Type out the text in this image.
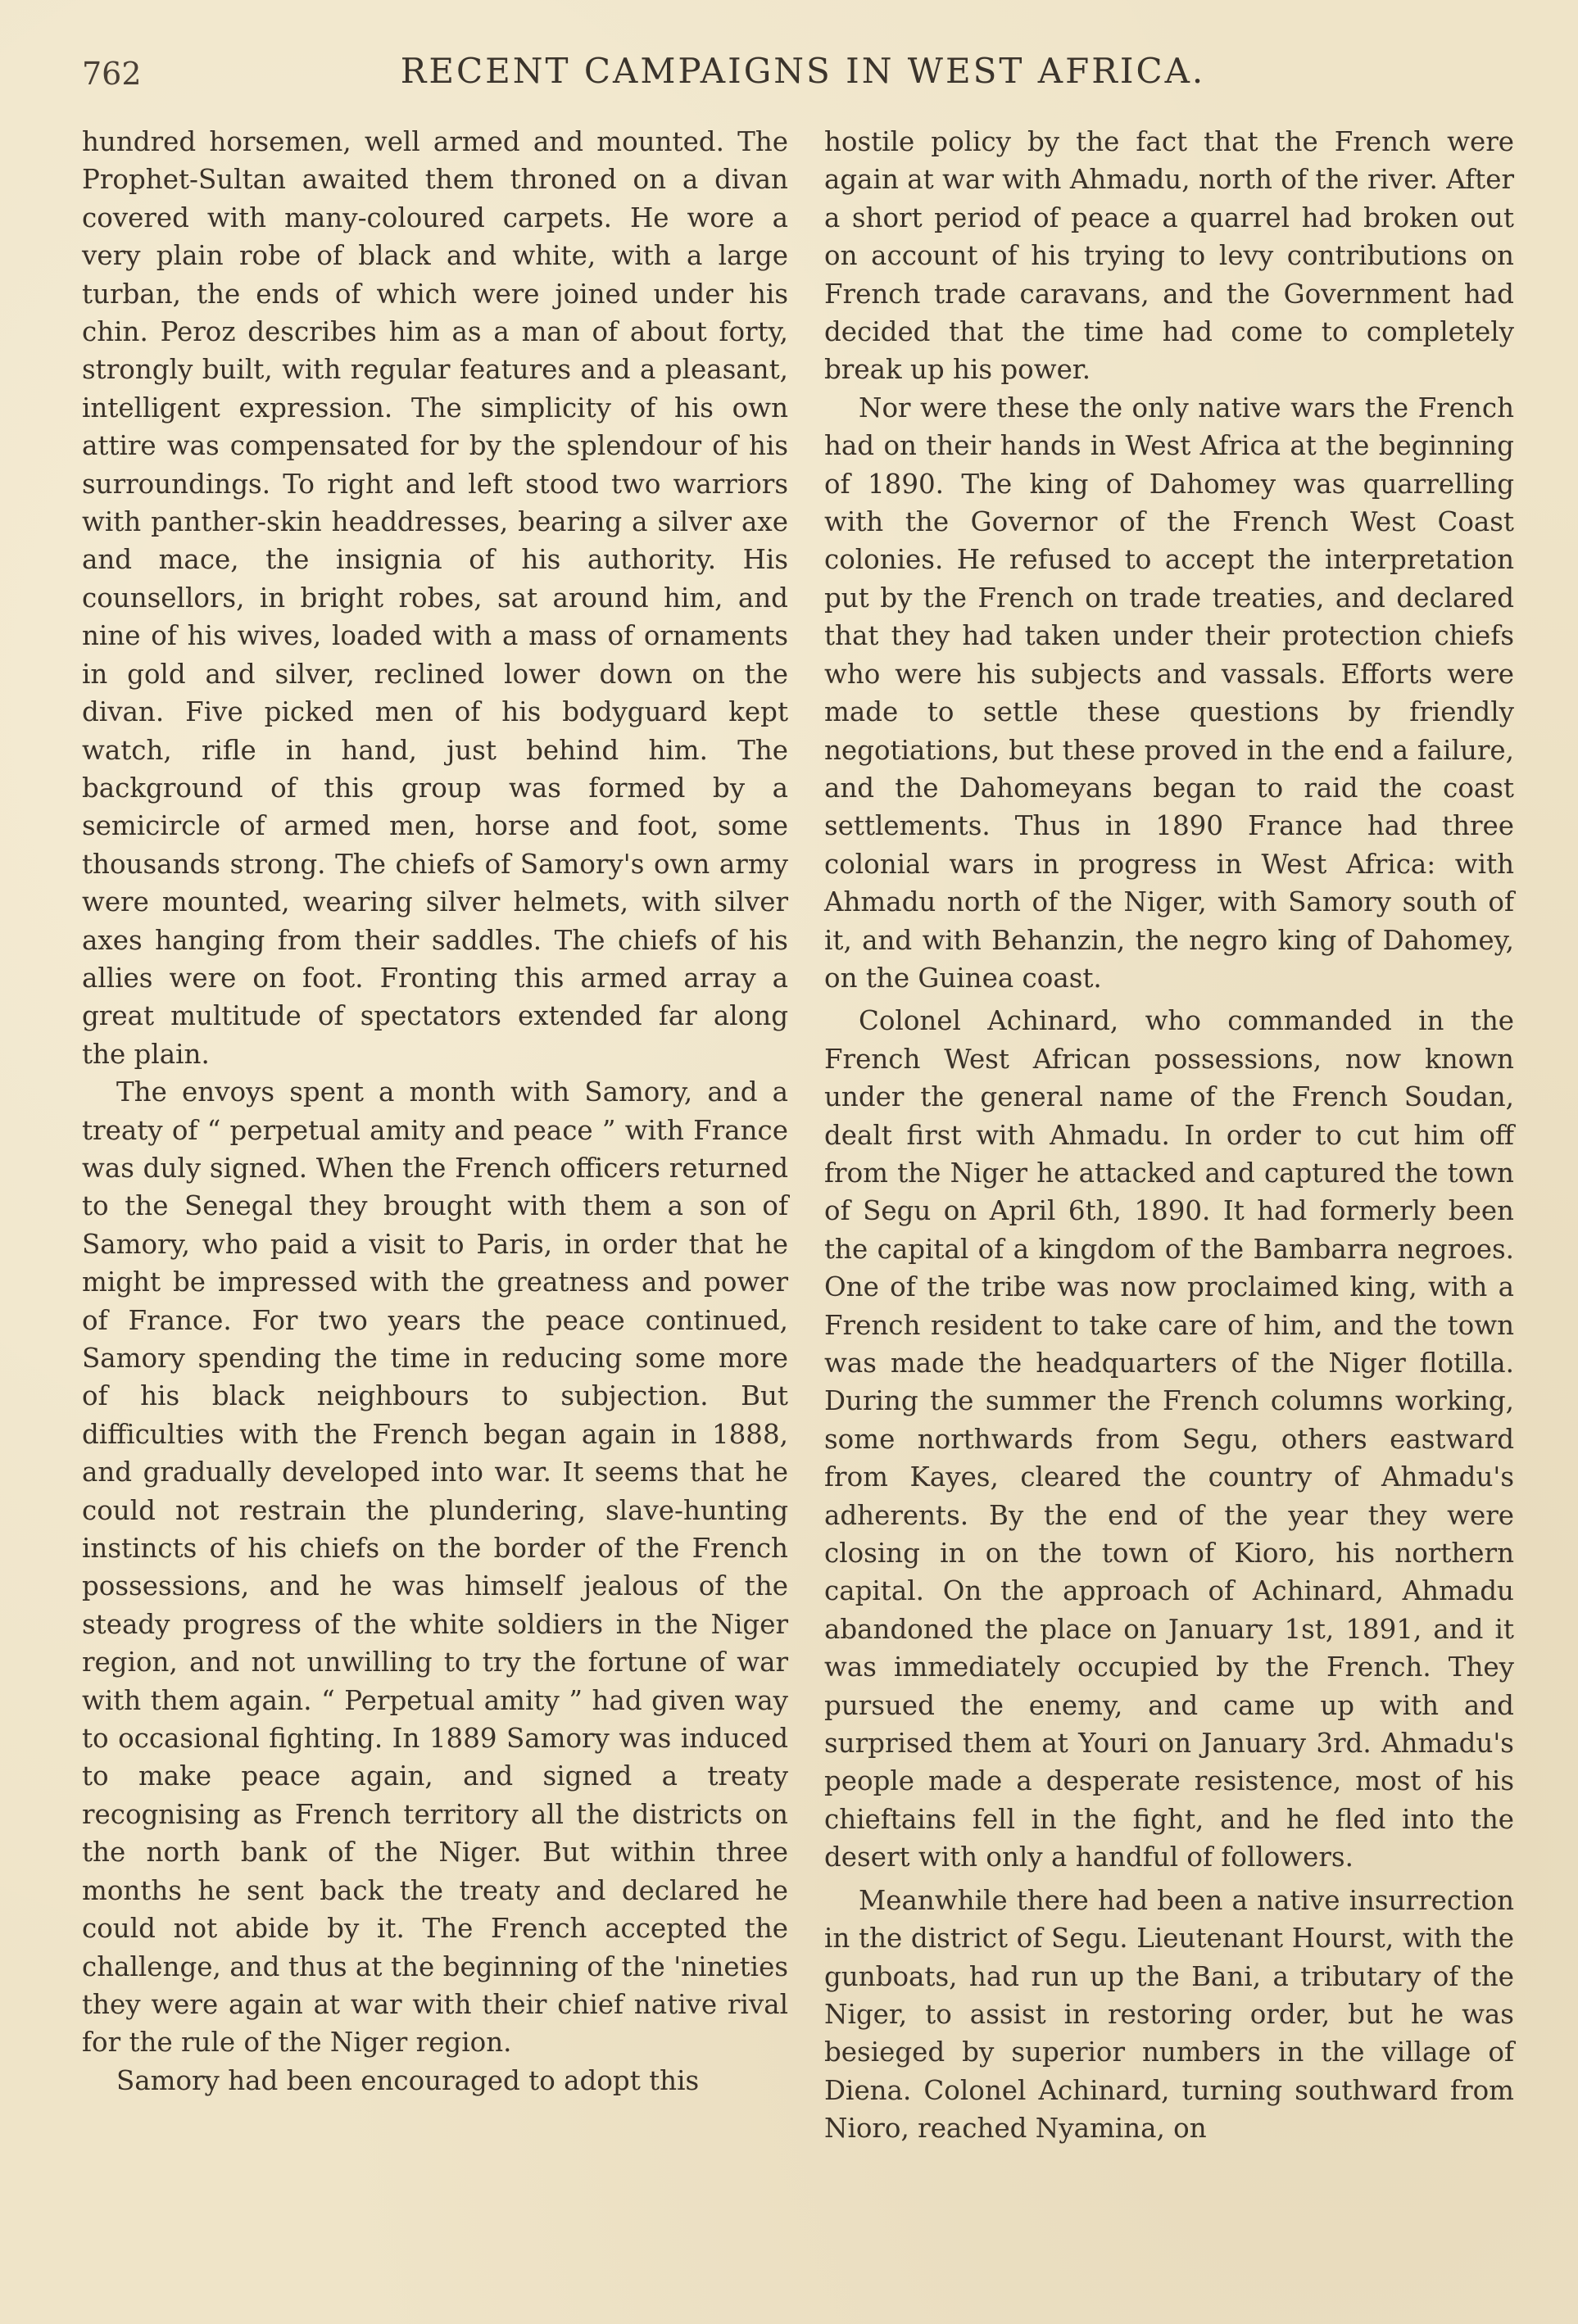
762	RECENT CAMPAIGNS IN WEST AFRICA.

hundred horsemen, well armed and mounted. The Prophet-Sultan awaited them throned on a divan covered with many-coloured carpets. He wore a very plain robe of black and white, with a large turban, the ends of which were joined under his chin. Peroz describes him as a man of about forty, strongly built, with regular features and a pleasant, intelligent expression. The simplicity of his own attire was compensated for by the splendour of his surroundings. To right and left stood two warriors with panther-skin headdresses, bearing a silver axe and mace, the insignia of his authority. His counsellors, in bright robes, sat around him, and nine of his wives, loaded with a mass of ornaments in gold and silver, reclined lower down on the divan. Five picked men of his bodyguard kept watch, rifle in hand, just behind him. The background of this group was formed by a semicircle of armed men, horse and foot, some thousands strong. The chiefs of Samory's own army were mounted, wearing silver helmets, with silver axes hanging from their saddles. The chiefs of his allies were on foot. Fronting this armed array a great multitude of spectators extended far along the plain.

The envoys spent a month with Samory, and a treaty of “ perpetual amity and peace ” with France was duly signed. When the French officers returned to the Senegal they brought with them a son of Samory, who paid a visit to Paris, in order that he might be impressed with the greatness and power of France. For two years the peace continued, Samory spending the time in reducing some more of his black neighbours to subjection. But difficulties with the French began again in 1888, and gradually developed into war. It seems that he could not restrain the plundering, slave-hunting instincts of his chiefs on the border of the French possessions, and he was himself jealous of the steady progress of the white soldiers in the Niger region, and not unwilling to try the fortune of war with them again. “ Perpetual amity ” had given way to occasional fighting. In 1889 Samory was induced to make peace again, and signed a treaty recognising as French territory all the districts on the north bank of the Niger. But within three months he sent back the treaty and declared he could not abide by it. The French accepted the challenge, and thus at the beginning of the 'nineties they were again at war with their chief native rival for the rule of the Niger region.

Samory had been encouraged to adopt this

hostile policy by the fact that the French were again at war with Ahmadu, north of the river. After a short period of peace a quarrel had broken out on account of his trying to levy contributions on French trade caravans, and the Government had decided that the time had come to completely break up his power.

Nor were these the only native wars the French had on their hands in West Africa at the beginning of 1890. The king of Dahomey was quarrelling with the Governor of the French West Coast colonies. He refused to accept the interpretation put by the French on trade treaties, and declared that they had taken under their protection chiefs who were his subjects and vassals. Efforts were made to settle these questions by friendly negotiations, but these proved in the end a failure, and the Dahomeyans began to raid the coast settlements. Thus in 1890 France had three colonial wars in progress in West Africa: with Ahmadu north of the Niger, with Samory south of it, and with Behanzin, the negro king of Dahomey, on the Guinea coast.

Colonel Achinard, who commanded in the French West African possessions, now known under the general name of the French Soudan, dealt first with Ahmadu. In order to cut him off from the Niger he attacked and captured the town of Segu on April 6th, 1890. It had formerly been the capital of a kingdom of the Bambarra negroes. One of the tribe was now proclaimed king, with a French resident to take care of him, and the town was made the headquarters of the Niger flotilla. During the summer the French columns working, some northwards from Segu, others eastward from Kayes, cleared the country of Ahmadu's adherents. By the end of the year they were closing in on the town of Kioro, his northern capital. On the approach of Achinard, Ahmadu abandoned the place on January 1st, 1891, and it was immediately occupied by the French. They pursued the enemy, and came up with and surprised them at Youri on January 3rd. Ahmadu's people made a desperate resistence, most of his chieftains fell in the fight, and he fled into the desert with only a handful of followers.

Meanwhile there had been a native insurrection in the district of Segu. Lieutenant Hourst, with the gunboats, had run up the Bani, a tributary of the Niger, to assist in restoring order, but he was besieged by superior numbers in the village of Diena. Colonel Achinard, turning southward from Nioro, reached Nyamina, on
